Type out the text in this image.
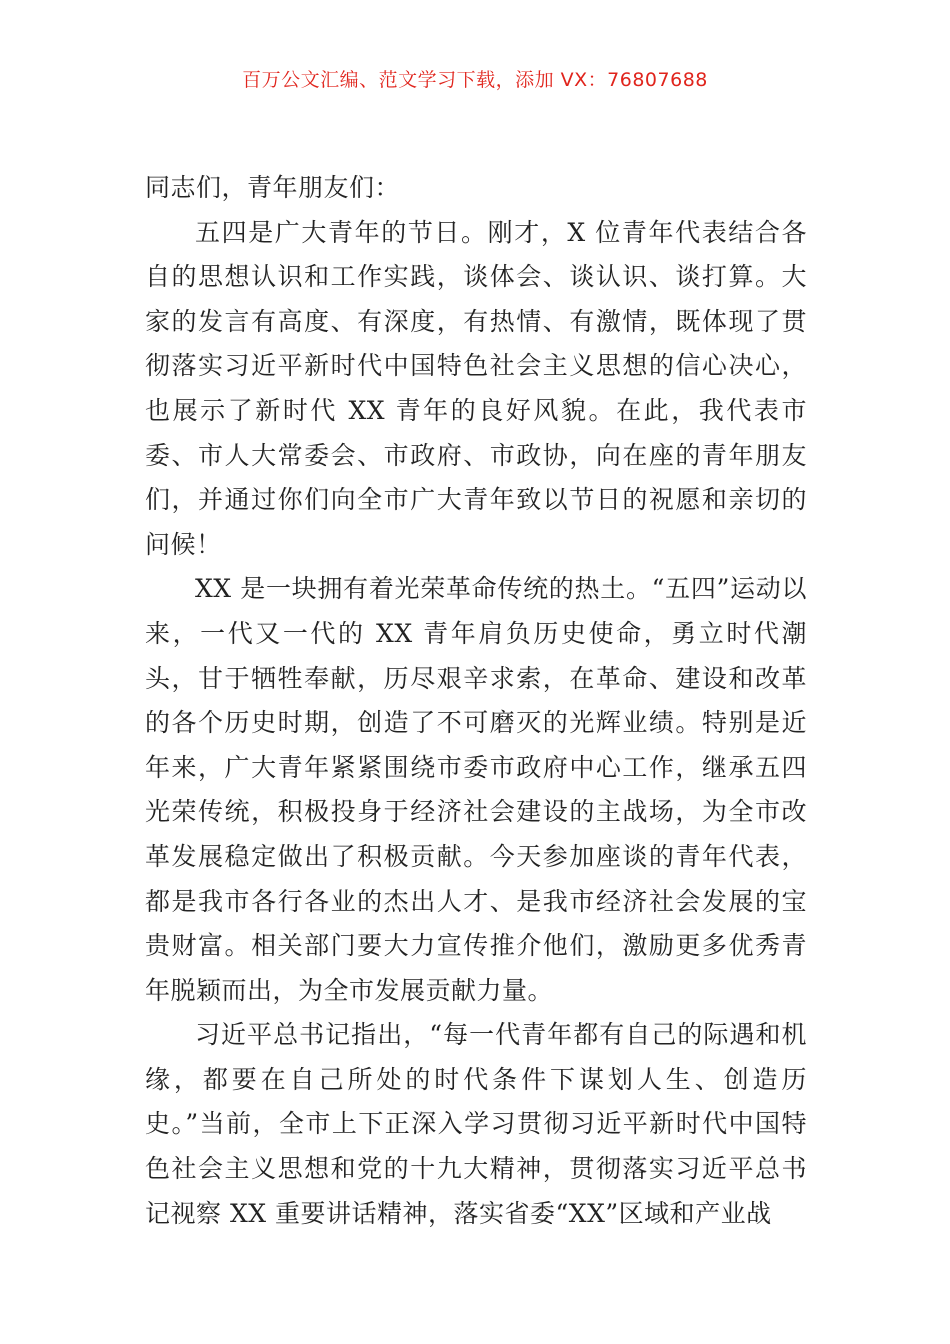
百万公文汇编、范文学习下载，添加 VX：76807688

同志们，青年朋友们：

五四是广大青年的节日。刚才，X 位青年代表结合各自的思想认识和工作实践，谈体会、谈认识、谈打算。大家的发言有高度、有深度，有热情、有激情，既体现了贯彻落实习近平新时代中国特色社会主义思想的信心决心，也展示了新时代 XX 青年的良好风貌。在此，我代表市委、市人大常委会、市政府、市政协，向在座的青年朋友们，并通过你们向全市广大青年致以节日的祝愿和亲切的问候！

XX 是一块拥有着光荣革命传统的热土。“五四”运动以来，一代又一代的 XX 青年肩负历史使命，勇立时代潮头，甘于牺牲奉献，历尽艰辛求索，在革命、建设和改革的各个历史时期，创造了不可磨灭的光辉业绩。特别是近年来，广大青年紧紧围绕市委市政府中心工作，继承五四光荣传统，积极投身于经济社会建设的主战场，为全市改革发展稳定做出了积极贡献。今天参加座谈的青年代表，都是我市各行各业的杰出人才、是我市经济社会发展的宝贵财富。相关部门要大力宣传推介他们，激励更多优秀青年脱颖而出，为全市发展贡献力量。

习近平总书记指出，“每一代青年都有自己的际遇和机缘，都要在自己所处的时代条件下谋划人生、创造历史。”当前，全市上下正深入学习贯彻习近平新时代中国特色社会主义思想和党的十九大精神，贯彻落实习近平总书记视察 XX 重要讲话精神，落实省委“XX”区域和产业战
